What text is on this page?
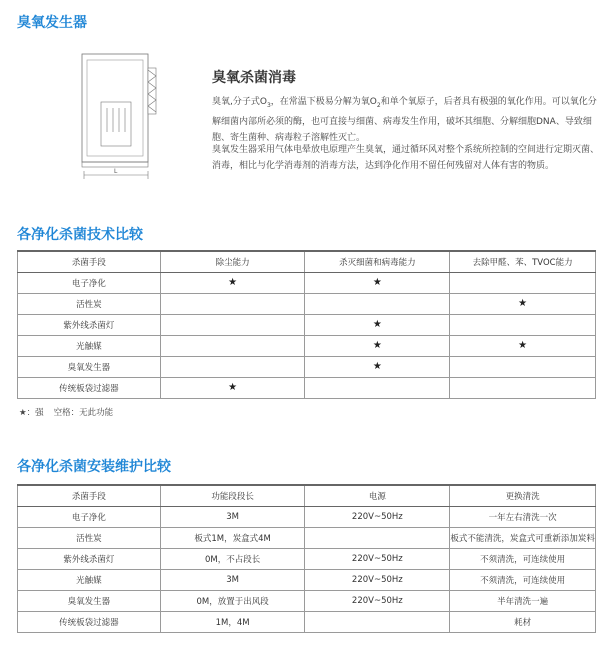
臭氧发生器
L
臭氧杀菌消毒

臭氧,分子式$O_3$，在常温下极易分解为氧$O_2$和单个氧原子，后者具有极强的氧化作用。可以氧化分解细菌内部所必须的酶，也可直接与细菌、病毒发生作用，破坏其细胞、分解细胞DNA、导致细胞、寄生菌种、病毒粒子溶解性灭亡。

臭氧发生器采用气体电晕放电原理产生臭氧，通过循环风对整个系统所控制的空间进行定期灭菌、消毒，相比与化学消毒剂的消毒方法，达到净化作用不留任何残留对人体有害的物质。

各净化杀菌技术比较
杀菌手段	除尘能力	杀灭细菌和病毒能力	去除甲醛、苯、TVOC能力
电子净化	★	★	
活性炭			★
紫外线杀菌灯		★	
光触媒		★	★
臭氧发生器		★	
传统板袋过滤器	★		

★：强 空格：无此功能

各净化杀菌安装维护比较
杀菌手段	功能段段长	电源	更换清洗
电子净化	3M	220V~50Hz	一年左右清洗一次
活性炭	板式1M，炭盒式4M		板式不能清洗，炭盒式可重新添加炭料
紫外线杀菌灯	0M，不占段长	220V~50Hz	不须清洗，可连续使用
光触媒	3M	220V~50Hz	不须清洗，可连续使用
臭氧发生器	0M，放置于出风段	220V~50Hz	半年清洗一遍
传统板袋过滤器	1M，4M		耗材
